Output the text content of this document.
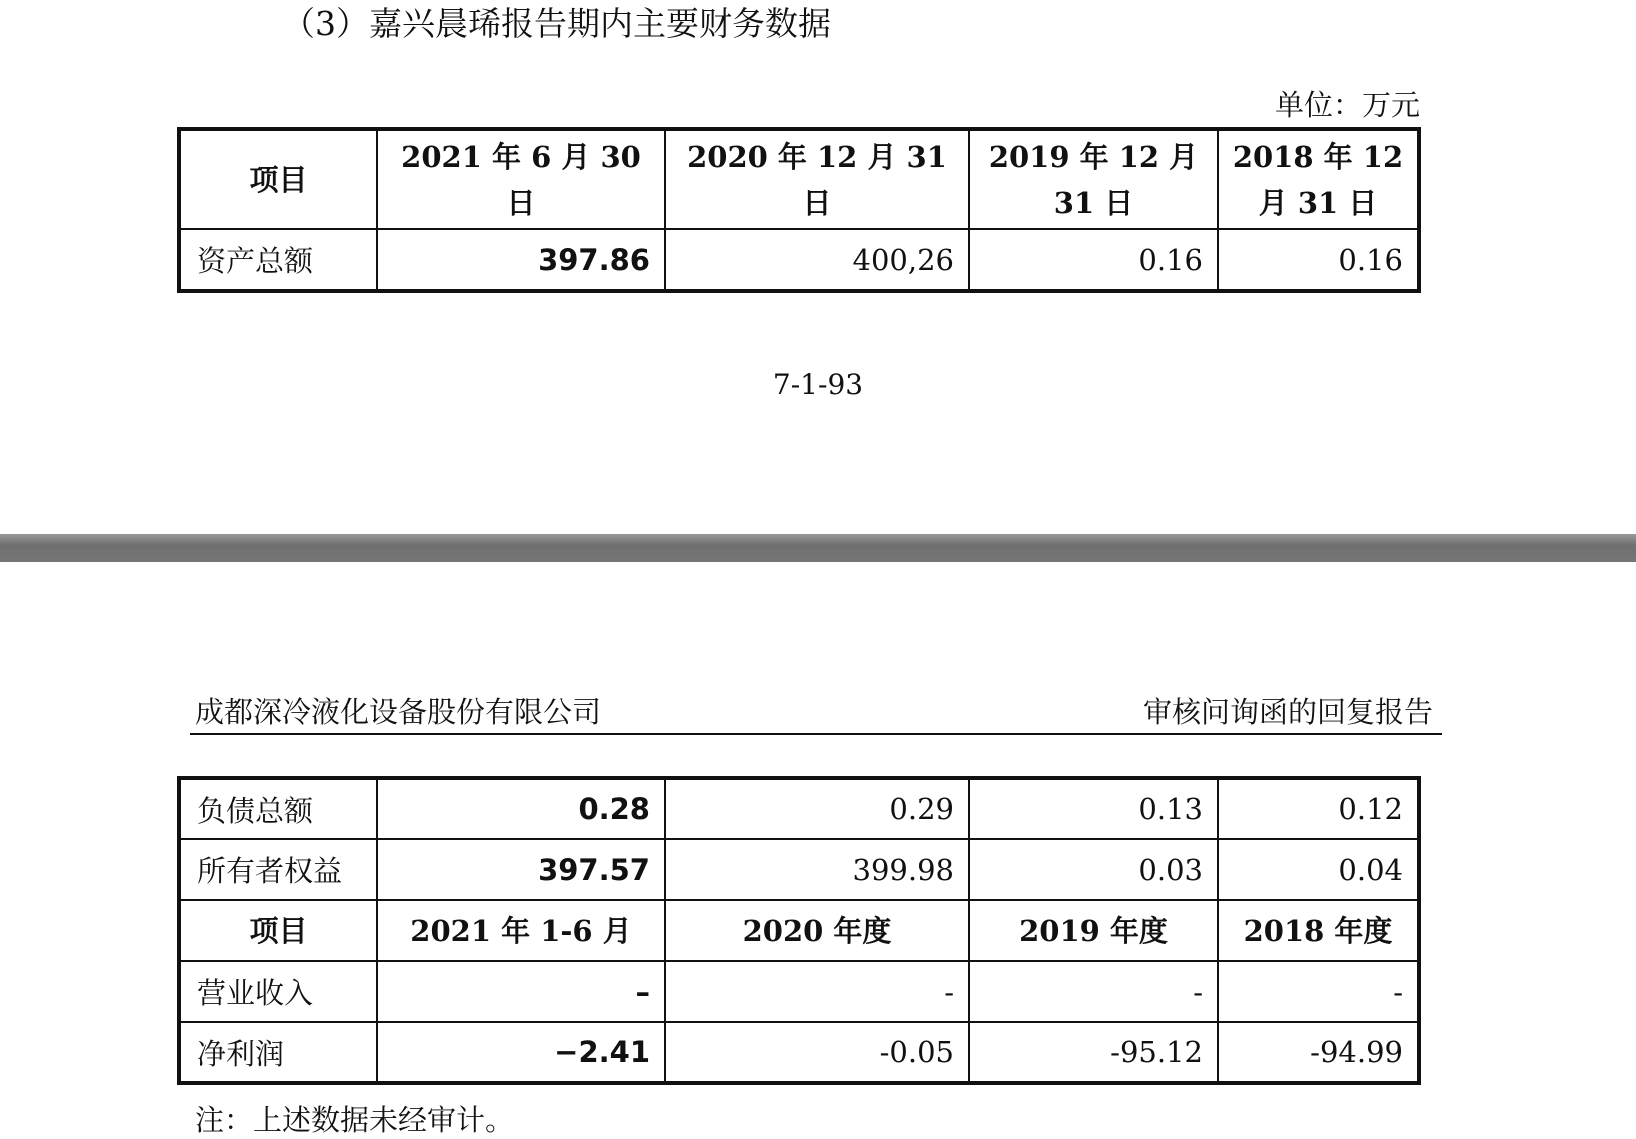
（3）嘉兴晨琋报告期内主要财务数据
单位：万元
项目	2021 年 6 月 30 日	2020 年 12 月 31 日	2019 年 12 月 31 日	2018 年 12 月 31 日
资产总额	397.86	400,26	0.16	0.16
7-1-93
成都深冷液化设备股份有限公司	审核问询函的回复报告
负债总额	0.28	0.29	0.13	0.12
所有者权益	397.57	399.98	0.03	0.04
项目	2021 年 1-6 月	2020 年度	2019 年度	2018 年度
营业收入	–	-	-	-
净利润	−2.41	-0.05	-95.12	-94.99
注：上述数据未经审计。
